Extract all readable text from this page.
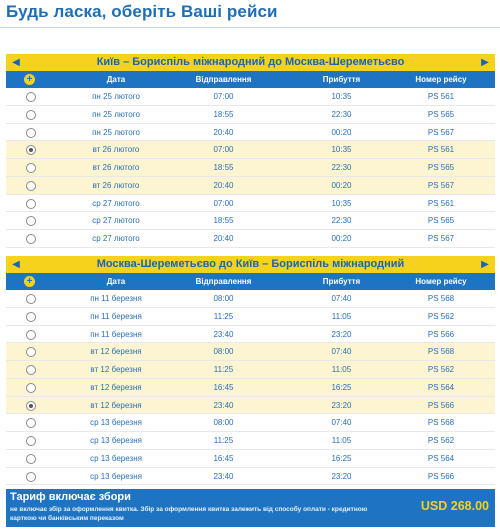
Будь ласка, оберіть Ваші рейси
◀	Київ – Бориспіль міжнародний до Москва-Шереметьєво	▶
+	Дата	Відправлення	Прибуття	Номер рейсу
пн 25 лютого	07:00	10:35	PS 561
пн 25 лютого	18:55	22:30	PS 565
пн 25 лютого	20:40	00:20	PS 567
вт 26 лютого	07:00	10:35	PS 561
вт 26 лютого	18:55	22:30	PS 565
вт 26 лютого	20:40	00:20	PS 567
ср 27 лютого	07:00	10:35	PS 561
ср 27 лютого	18:55	22:30	PS 565
ср 27 лютого	20:40	00:20	PS 567
◀	Москва-Шереметьєво до Київ – Бориспіль міжнародний	▶
+	Дата	Відправлення	Прибуття	Номер рейсу
пн 11 березня	08:00	07:40	PS 568
пн 11 березня	11:25	11:05	PS 562
пн 11 березня	23:40	23:20	PS 566
вт 12 березня	08:00	07:40	PS 568
вт 12 березня	11:25	11:05	PS 562
вт 12 березня	16:45	16:25	PS 564
вт 12 березня	23:40	23:20	PS 566
ср 13 березня	08:00	07:40	PS 568
ср 13 березня	11:25	11:05	PS 562
ср 13 березня	16:45	16:25	PS 564
ср 13 березня	23:40	23:20	PS 566
Тариф включає збори
не включає збір за оформлення квитка. Збір за оформлення квитка залежить від способу оплати - кредитною карткою чи банківським переказом
USD 268.00
